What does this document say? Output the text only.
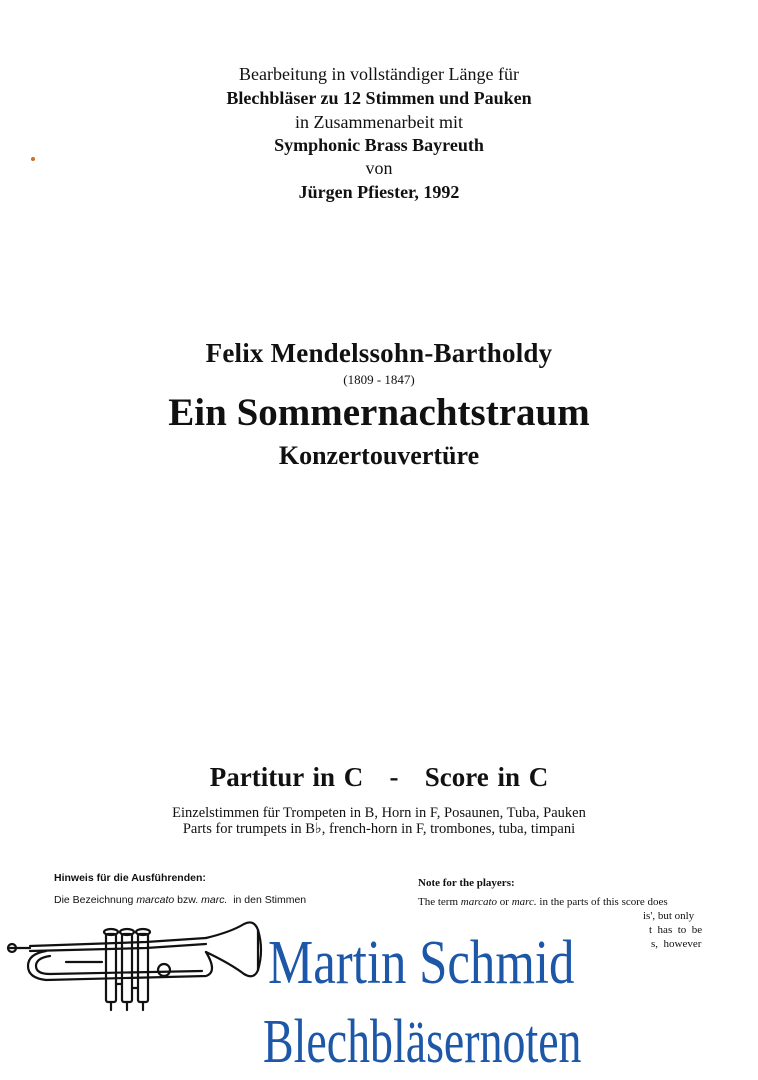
Bearbeitung in vollständiger Länge für
Blechbläser zu 12 Stimmen und Pauken
in Zusammenarbeit mit
Symphonic Brass Bayreuth
von
Jürgen Pfiester, 1992
Felix Mendelssohn-Bartholdy
(1809 - 1847)
Ein Sommernachtstraum
Konzertouvertüre
Partitur in C   -   Score in C
Einzelstimmen für Trompeten in B, Horn in F, Posaunen, Tuba, Pauken
Parts for trumpets in B♭, french-horn in F, trombones, tuba, timpani
Hinweis für die Ausführenden:
Die Bezeichnung marcato bzw. marc.  in den Stimmen
Note for the players:
The term marcato or marc. in the parts of this score does
is', but only
t  has  to  be
s,  however
Martin Schmid
Blechbläsernoten
